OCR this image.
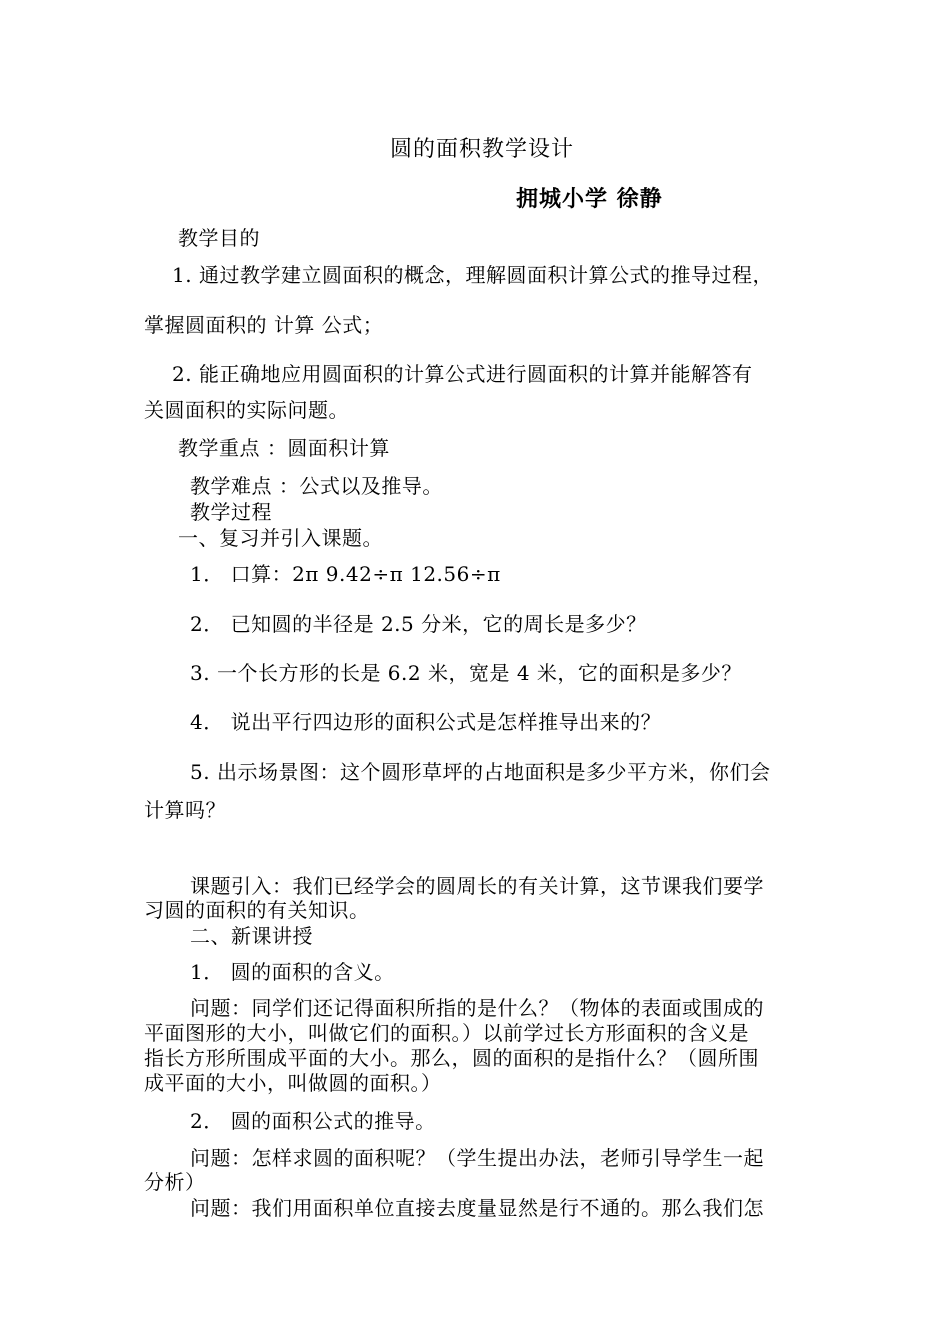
圆的面积教学设计

拥城小学 徐静

教学目的

1. 通过教学建立圆面积的概念，理解圆面积计算公式的推导过程，

掌握圆面积的 计算 公式；

2. 能正确地应用圆面积的计算公式进行圆面积的计算并能解答有

关圆面积的实际问题。

教学重点 ：圆面积计算

教学难点 ：公式以及推导。

教学过程

一、复习并引入课题。

1． 口算：2π 9.42÷π 12.56÷π

2． 已知圆的半径是 2.5 分米，它的周长是多少？

3. 一个长方形的长是 6.2 米，宽是 4 米，它的面积是多少？

4． 说出平行四边形的面积公式是怎样推导出来的？

5. 出示场景图：这个圆形草坪的占地面积是多少平方米，你们会

计算吗？

课题引入：我们已经学会的圆周长的有关计算，这节课我们要学

习圆的面积的有关知识。

二、新课讲授

1． 圆的面积的含义。

问题：同学们还记得面积所指的是什么？（物体的表面或围成的

平面图形的大小，叫做它们的面积。）以前学过长方形面积的含义是

指长方形所围成平面的大小。那么，圆的面积的是指什么？（圆所围

成平面的大小，叫做圆的面积。）

2． 圆的面积公式的推导。

问题：怎样求圆的面积呢？（学生提出办法，老师引导学生一起

分析）

问题：我们用面积单位直接去度量显然是行不通的。那么我们怎
